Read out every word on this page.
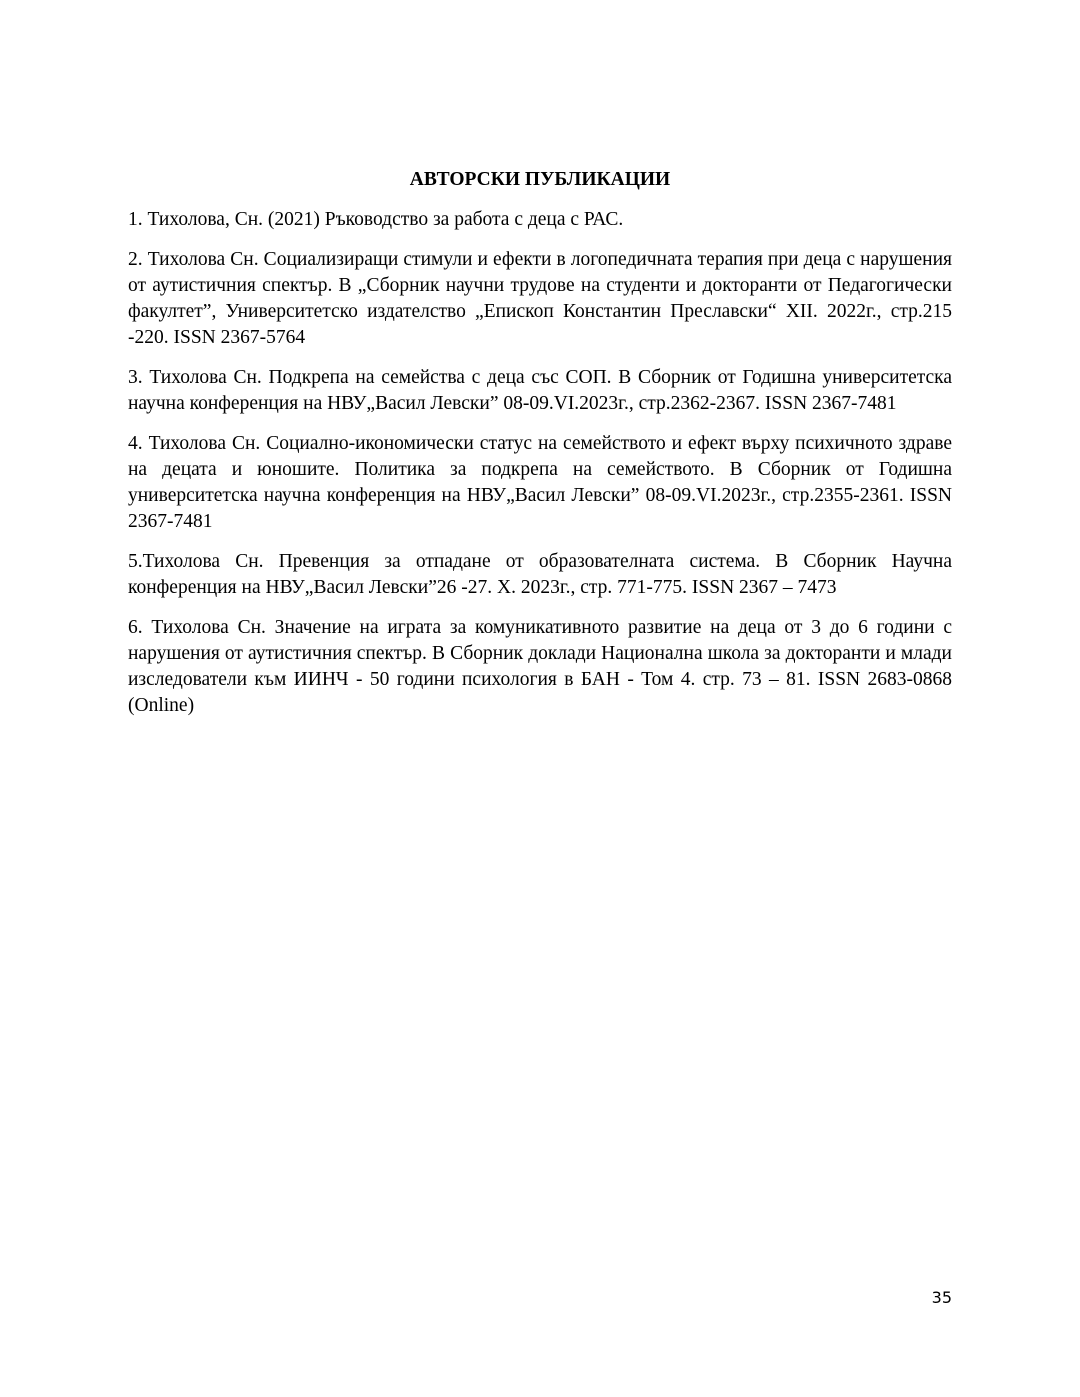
АВТОРСКИ ПУБЛИКАЦИИ
1. Тихолова, Сн. (2021) Ръководство за работа с деца с РАС.
2. Тихолова Сн. Социализиращи стимули и ефекти в логопедичната терапия при деца с нарушения от аутистичния спектър. В „Сборник научни трудове на студенти и докторанти от Педагогически факултет”, Университетско издателство „Епископ Константин Преславски“ XII. 2022г., стр.215 -220. ISSN 2367-5764
3. Тихолова Сн. Подкрепа на семейства с деца със СОП. В Сборник от Годишна университетска научна конференция на НВУ„Васил Левски” 08-09.VI.2023г., стр.2362-2367. ISSN 2367-7481
4. Тихолова Сн. Социално-икономически статус на семейството и ефект върху психичното здраве на децата и юношите. Политика за подкрепа на семейството. В Сборник от Годишна университетска научна конференция на НВУ„Васил Левски” 08-09.VI.2023г., стр.2355-2361. ISSN 2367-7481
5.Тихолова Сн. Превенция за отпадане от образователната система. В Сборник Научна конференция на НВУ„Васил Левски”26 -27. Х. 2023г., стр. 771-775. ISSN 2367 – 7473
6. Тихолова Сн. Значение на играта за комуникативното развитие на деца от 3 до 6 години с нарушения от аутистичния спектър. В Сборник доклади Национална школа за докторанти и млади изследователи към ИИНЧ - 50 години психология в БАН - Том 4. стр. 73 – 81. ISSN 2683-0868 (Online)
35
